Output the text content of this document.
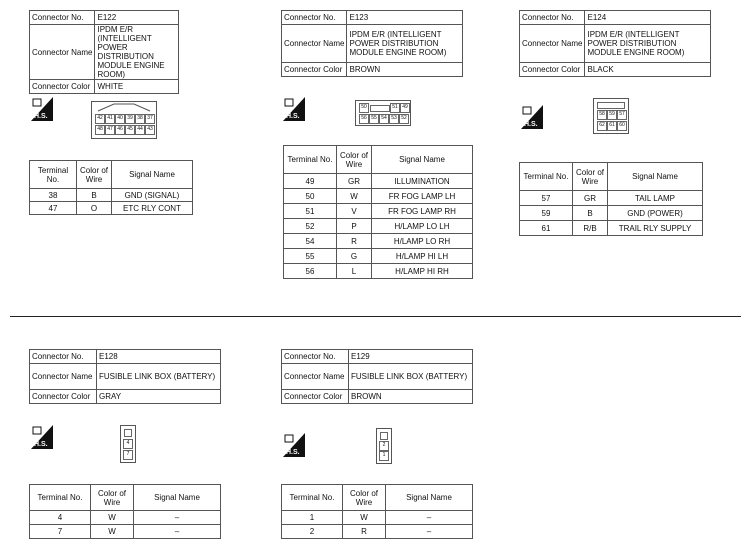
Connector No.	E122
Connector Name	IPDM E/R (INTELLIGENT POWER DISTRIBUTION MODULE ENGINE ROOM)
Connector Color	WHITE
H.S.	42 41 40 39 38 37
48 47 46 45 44 43
Terminal No.	Color of Wire	Signal Name
38	B	GND (SIGNAL)
47	O	ETC RLY CONT
Connector No.	E123
Connector Name	IPDM E/R (INTELLIGENT POWER DISTRIBUTION MODULE ENGINE ROOM)
Connector Color	BROWN
H.S.
50	51 49
56 55 54 53 52
Terminal No.	Color of Wire	Signal Name
49	GR	ILLUMINATION
50	W	FR FOG LAMP LH
51	V	FR FOG LAMP RH
52	P	H/LAMP LO LH
54	R	H/LAMP LO RH
55	G	H/LAMP HI LH
56	L	H/LAMP HI RH
Connector No.	E124
Connector Name	IPDM E/R (INTELLIGENT POWER DISTRIBUTION MODULE ENGINE ROOM)
Connector Color	BLACK
H.S.
58 59 57
62 61 60
Terminal No.	Color of Wire	Signal Name
57	GR	TAIL LAMP
59	B	GND (POWER)
61	R/B	TRAIL RLY SUPPLY
Connector No.	E128
Connector Name	FUSIBLE LINK BOX (BATTERY)
Connector Color	GRAY
H.S.	4
7
Terminal No.	Color of Wire	Signal Name
4	W	–
7	W	–
Connector No.	E129
Connector Name	FUSIBLE LINK BOX (BATTERY)
Connector Color	BROWN
H.S.
2
1
Terminal No.	Color of Wire	Signal Name
1	W	–
2	R	–
